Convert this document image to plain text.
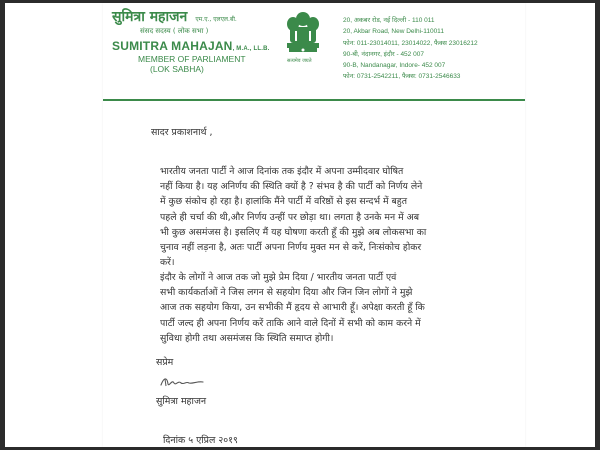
सुमित्रा महाजन एम.ए., एलएल.बी.
संसद सदस्य ( लोक सभा )
SUMITRA MAHAJAN, M.A., LL.B.
MEMBER OF PARLIAMENT
(LOK SABHA)
सत्यमेव जयते
20, अकबर रोड, नई दिल्ली - 110 011
20, Akbar Road, New Delhi-110011
फोन: 011-23014011, 23014022, फैक्स 23016212
90-बी, नंदानगर, इंदौर - 452 007
90-B, Nandanagar, Indore- 452 007
फोन: 0731-2542211, फैक्स: 0731-2546633
सादर प्रकाशनार्थ ,
भारतीय जनता पार्टी ने आज दिनांक तक इंदौर में अपना उम्मीदवार घोषित
नहीं किया है। यह अनिर्णय की स्थिति क्यों है ? संभव है की पार्टी को निर्णय लेने
में कुछ संकोच हो रहा है। हालांकि मैंने पार्टी में वरिष्ठों से इस सन्दर्भ में बहुत
पहले ही चर्चा की थी,और निर्णय उन्हीं पर छोड़ा था। लगता है उनके मन में अब
भी कुछ असमंजस है। इसलिए मैं यह घोषणा करती हूँ की मुझे अब लोकसभा का
चुनाव नहीं लड़ना है, अतः पार्टी अपना निर्णय मुक्त मन से करें, निःसंकोच होकर
करें।
इंदौर के लोगों ने आज तक जो मुझे प्रेम दिया / भारतीय जनता पार्टी एवं
सभी कार्यकर्ताओं ने जिस लगन से सहयोग दिया और जिन जिन लोगों ने मुझे
आज तक सहयोग किया, उन सभीकी मैं हृदय से आभारी हूँ। अपेक्षा करती हूँ कि
पार्टी जल्द ही अपना निर्णय करें ताकि आने वाले दिनों में सभी को काम करने में
सुविधा होगी तथा असमंजस कि स्थिति समाप्त होगी।
सप्रेम
सुमित्रा महाजन
दिनांक ५ एप्रिल २०१९
